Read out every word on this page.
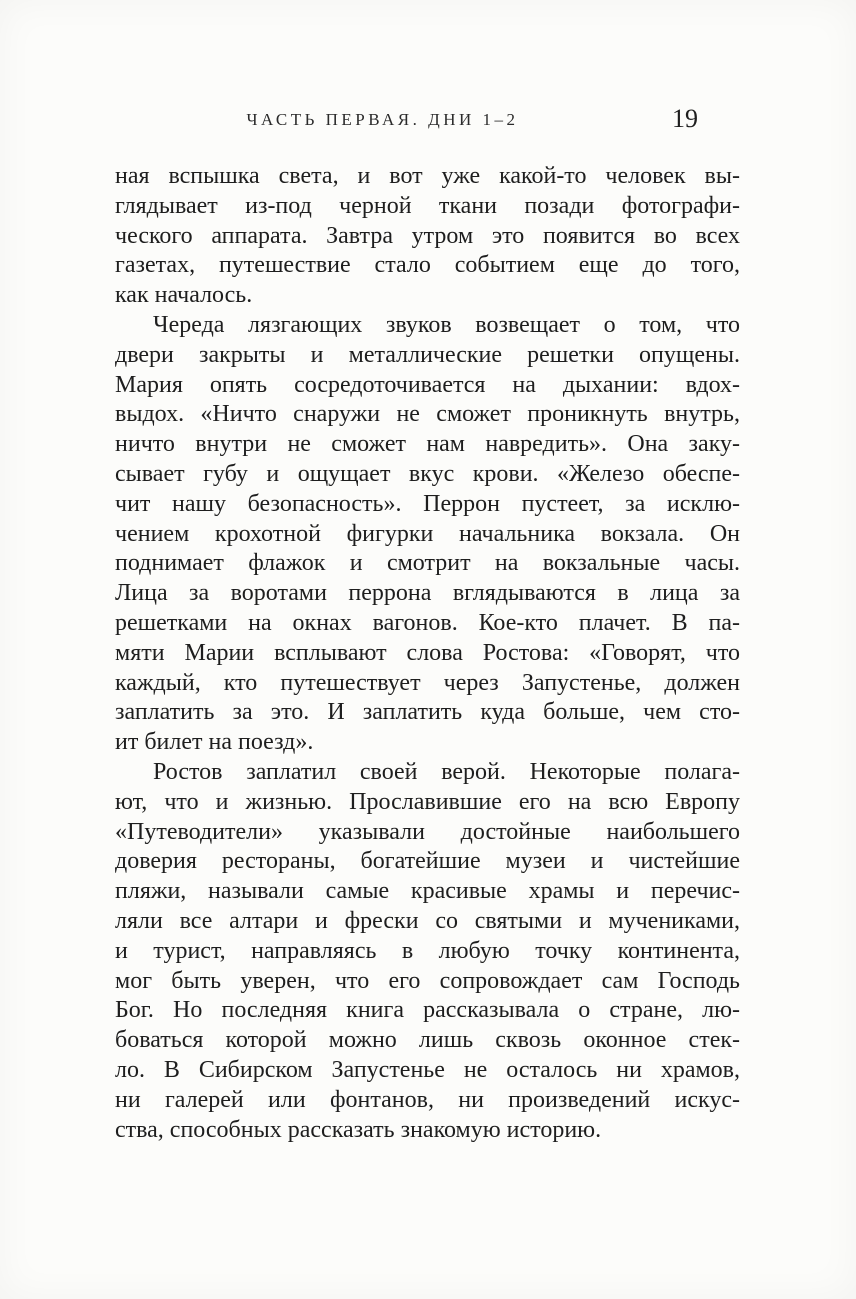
ЧАСТЬ ПЕРВАЯ. ДНИ 1–2	19
ная вспышка света, и вот уже какой-то человек вы-
глядывает из-под черной ткани позади фотографи-
ческого аппарата. Завтра утром это появится во всех
газетах, путешествие стало событием еще до того,
как началось.
Череда лязгающих звуков возвещает о том, что
двери закрыты и металлические решетки опущены.
Мария опять сосредоточивается на дыхании: вдох-
выдох. «Ничто снаружи не сможет проникнуть внутрь,
ничто внутри не сможет нам навредить». Она заку-
сывает губу и ощущает вкус крови. «Железо обеспе-
чит нашу безопасность». Перрон пустеет, за исклю-
чением крохотной фигурки начальника вокзала. Он
поднимает флажок и смотрит на вокзальные часы.
Лица за воротами перрона вглядываются в лица за
решетками на окнах вагонов. Кое-кто плачет. В па-
мяти Марии всплывают слова Ростова: «Говорят, что
каждый, кто путешествует через Запустенье, должен
заплатить за это. И заплатить куда больше, чем сто-
ит билет на поезд».
Ростов заплатил своей верой. Некоторые полага-
ют, что и жизнью. Прославившие его на всю Европу
«Путеводители» указывали достойные наибольшего
доверия рестораны, богатейшие музеи и чистейшие
пляжи, называли самые красивые храмы и перечис-
ляли все алтари и фрески со святыми и мучениками,
и турист, направляясь в любую точку континента,
мог быть уверен, что его сопровождает сам Господь
Бог. Но последняя книга рассказывала о стране, лю-
боваться которой можно лишь сквозь оконное стек-
ло. В Сибирском Запустенье не осталось ни храмов,
ни галерей или фонтанов, ни произведений искус-
ства, способных рассказать знакомую историю.
